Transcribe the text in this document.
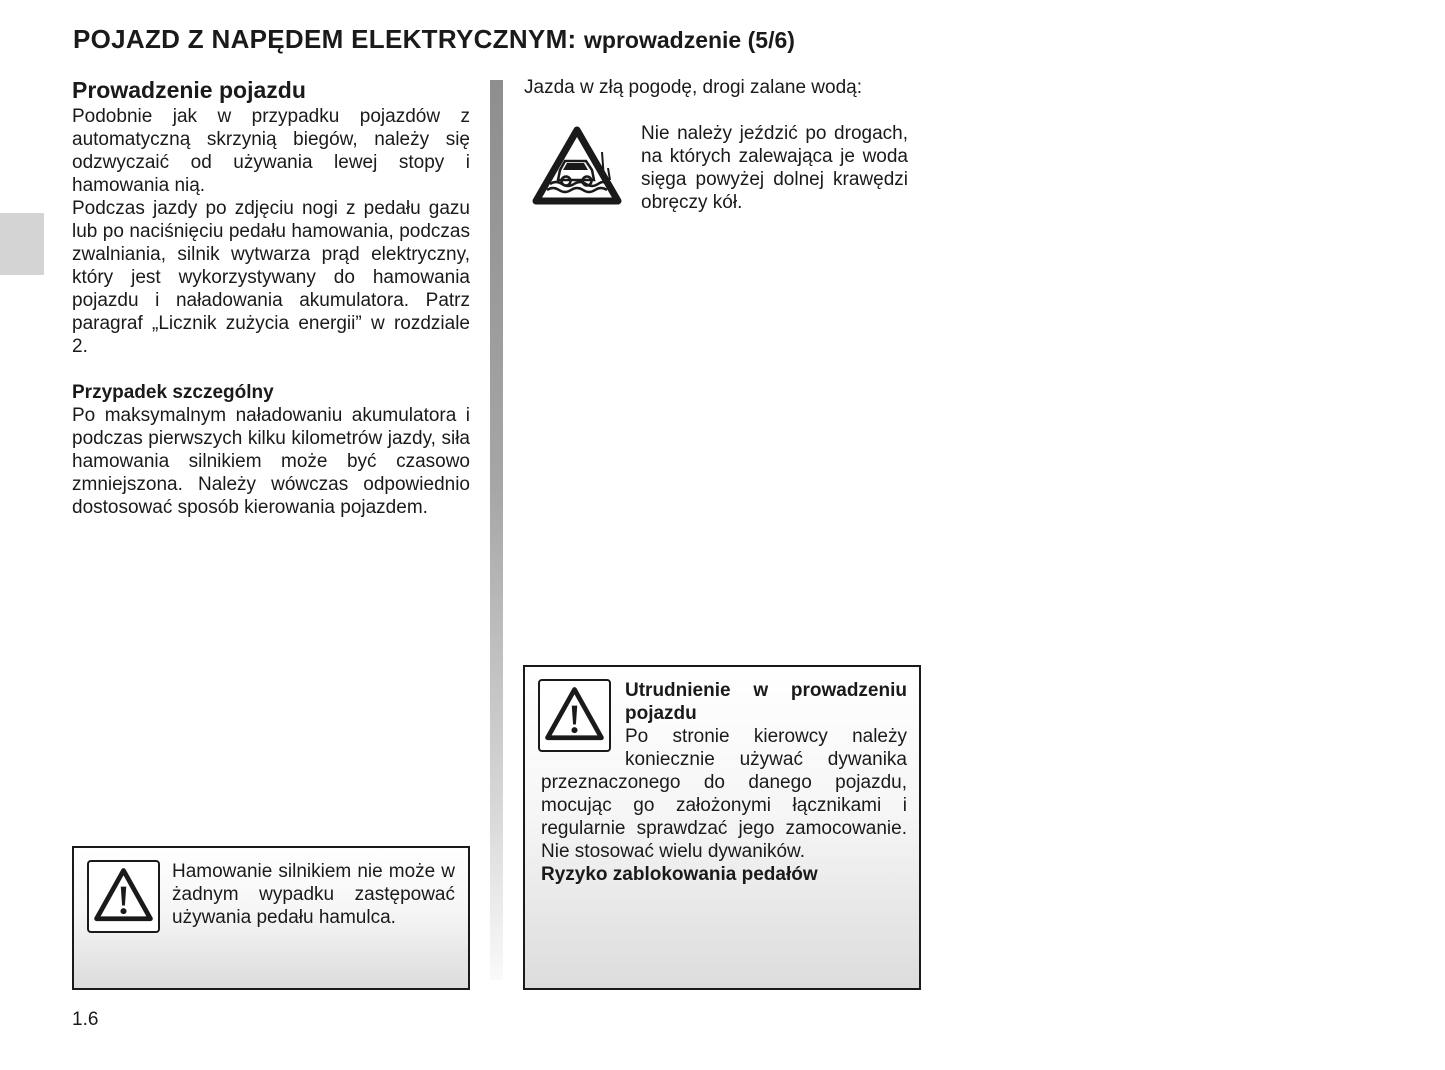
POJAZD Z NAPĘDEM ELEKTRYCZNYM: wprowadzenie (5/6)
Prowadzenie pojazdu

Podobnie jak w przypadku pojazdów z automatyczną skrzynią biegów, należy się odzwyczaić od używania lewej stopy i hamowania nią.

Podczas jazdy po zdjęciu nogi z pedału gazu lub po naciśnięciu pedału hamowania, podczas zwalniania, silnik wytwarza prąd elektryczny, który jest wykorzystywany do hamowania pojazdu i naładowania akumulatora. Patrz paragraf „Licznik zużycia energii” w rozdziale 2.

Przypadek szczególny

Po maksymalnym naładowaniu akumulatora i podczas pierwszych kilku kilometrów jazdy, siła hamowania silnikiem może być czasowo zmniejszona. Należy wówczas odpowiednio dostosować sposób kierowania pojazdem.

Hamowanie silnikiem nie może w żadnym wypadku zastępować używania pedału hamulca.

Jazda w złą pogodę, drogi zalane wodą:

Nie należy jeździć po drogach, na których zalewająca je woda sięga powyżej dolnej krawędzi obręczy kół.

Utrudnienie w prowadzeniu pojazdu

Po stronie kierowcy należy koniecznie używać dywanika przeznaczonego do danego pojazdu, mocując go założonymi łącznikami i regularnie sprawdzać jego zamocowanie. Nie stosować wielu dywaników.

Ryzyko zablokowania pedałów

1.6
